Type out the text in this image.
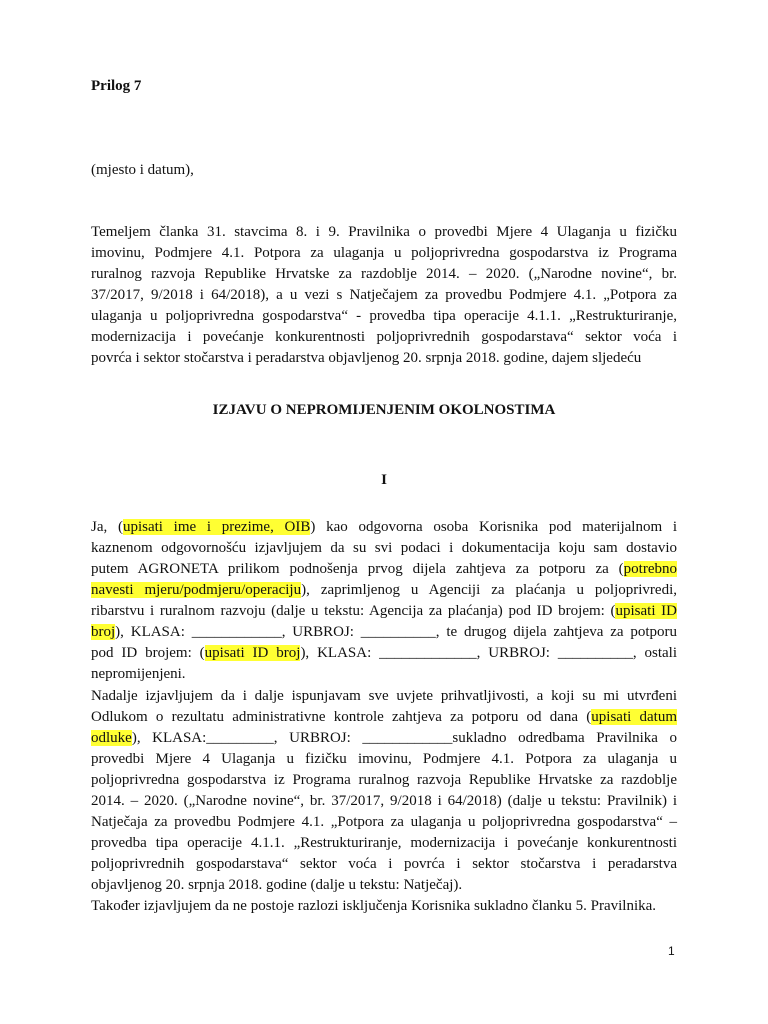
Prilog 7
(mjesto i datum),
Temeljem članka 31. stavcima 8. i 9. Pravilnika o provedbi Mjere 4 Ulaganja u fizičku
imovinu, Podmjere 4.1. Potpora za ulaganja u poljoprivredna gospodarstva iz Programa
ruralnog razvoja Republike Hrvatske za razdoblje 2014. – 2020. („Narodne novine“, br.
37/2017, 9/2018 i 64/2018), a u vezi s Natječajem za provedbu Podmjere 4.1. „Potpora za
ulaganja u poljoprivredna gospodarstva“ - provedba tipa operacije 4.1.1. „Restrukturiranje,
modernizacija i povećanje konkurentnosti poljoprivrednih gospodarstava“ sektor voća i
povrća i sektor stočarstva i peradarstva objavljenog 20. srpnja 2018. godine, dajem sljedeću
IZJAVU O NEPROMIJENJENIM OKOLNOSTIMA
I
Ja, (upisati ime i prezime, OIB) kao odgovorna osoba Korisnika pod materijalnom i
kaznenom odgovornošću izjavljujem da su svi podaci i dokumentacija koju sam dostavio
putem AGRONETA prilikom podnošenja prvog dijela zahtjeva za potporu za (potrebno
navesti mjeru/podmjeru/operaciju), zaprimljenog u Agenciji za plaćanja u poljoprivredi,
ribarstvu i ruralnom razvoju (dalje u tekstu: Agencija za plaćanja) pod ID brojem: (upisati ID
broj), KLASA: ____________, URBROJ: __________, te drugog dijela zahtjeva za potporu
pod ID brojem: (upisati ID broj), KLASA: _____________, URBROJ: __________, ostali
nepromijenjeni.
Nadalje izjavljujem da i dalje ispunjavam sve uvjete prihvatljivosti, a koji su mi utvrđeni
Odlukom o rezultatu administrativne kontrole zahtjeva za potporu od dana (upisati datum
odluke), KLASA:_________, URBROJ: ____________sukladno odredbama Pravilnika o
provedbi Mjere 4 Ulaganja u fizičku imovinu, Podmjere 4.1. Potpora za ulaganja u
poljoprivredna gospodarstva iz Programa ruralnog razvoja Republike Hrvatske za razdoblje
2014. – 2020. („Narodne novine“, br. 37/2017, 9/2018 i 64/2018) (dalje u tekstu: Pravilnik) i
Natječaja za provedbu Podmjere 4.1. „Potpora za ulaganja u poljoprivredna gospodarstva“ –
provedba tipa operacije 4.1.1. „Restrukturiranje, modernizacija i povećanje konkurentnosti
poljoprivrednih gospodarstava“ sektor voća i povrća i sektor stočarstva i peradarstva
objavljenog 20. srpnja 2018. godine (dalje u tekstu: Natječaj).
Također izjavljujem da ne postoje razlozi isključenja Korisnika sukladno članku 5. Pravilnika.
1
